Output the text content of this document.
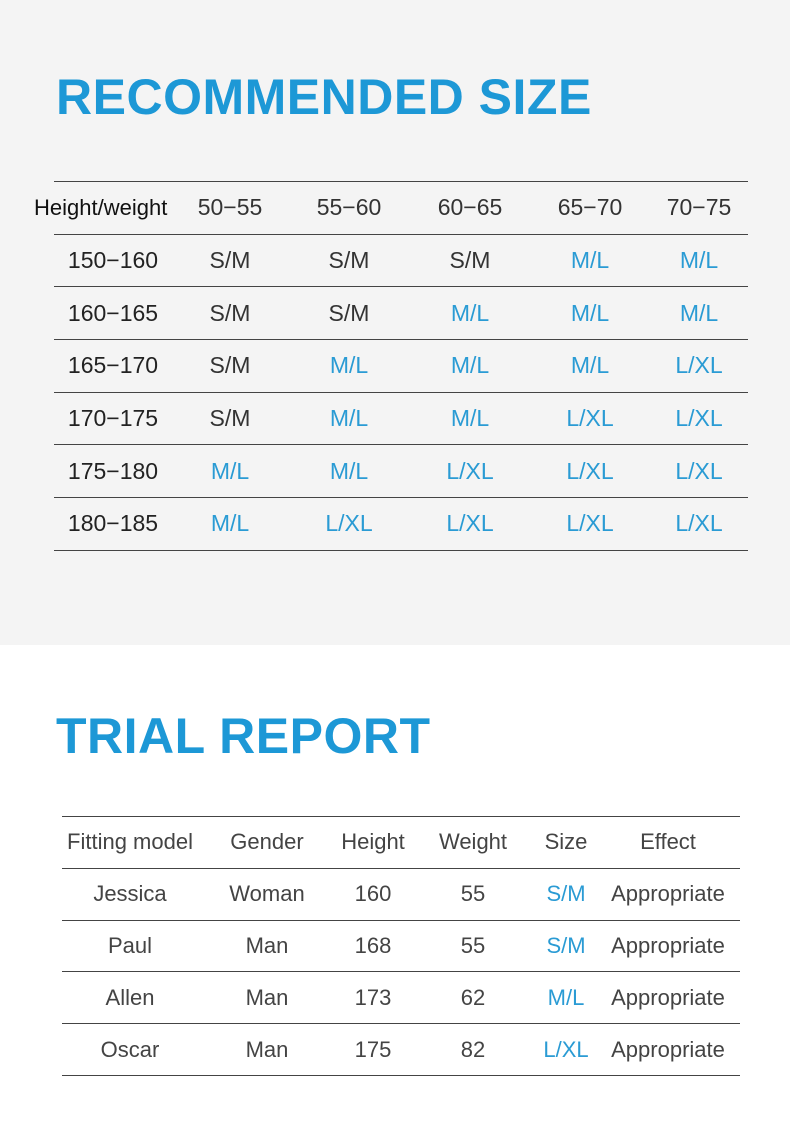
RECOMMENDED SIZE
Height/weight	50−55	55−60	60−65	65−70	70−75
150−160	S/M	S/M	S/M	M/L	M/L
160−165	S/M	S/M	M/L	M/L	M/L
165−170	S/M	M/L	M/L	M/L	L/XL
170−175	S/M	M/L	M/L	L/XL	L/XL
175−180	M/L	M/L	L/XL	L/XL	L/XL
180−185	M/L	L/XL	L/XL	L/XL	L/XL
TRIAL REPORT
Fitting model	Gender	Height	Weight	Size	Effect
Jessica	Woman	160	55	S/M	Appropriate
Paul	Man	168	55	S/M	Appropriate
Allen	Man	173	62	M/L	Appropriate
Oscar	Man	175	82	L/XL	Appropriate
